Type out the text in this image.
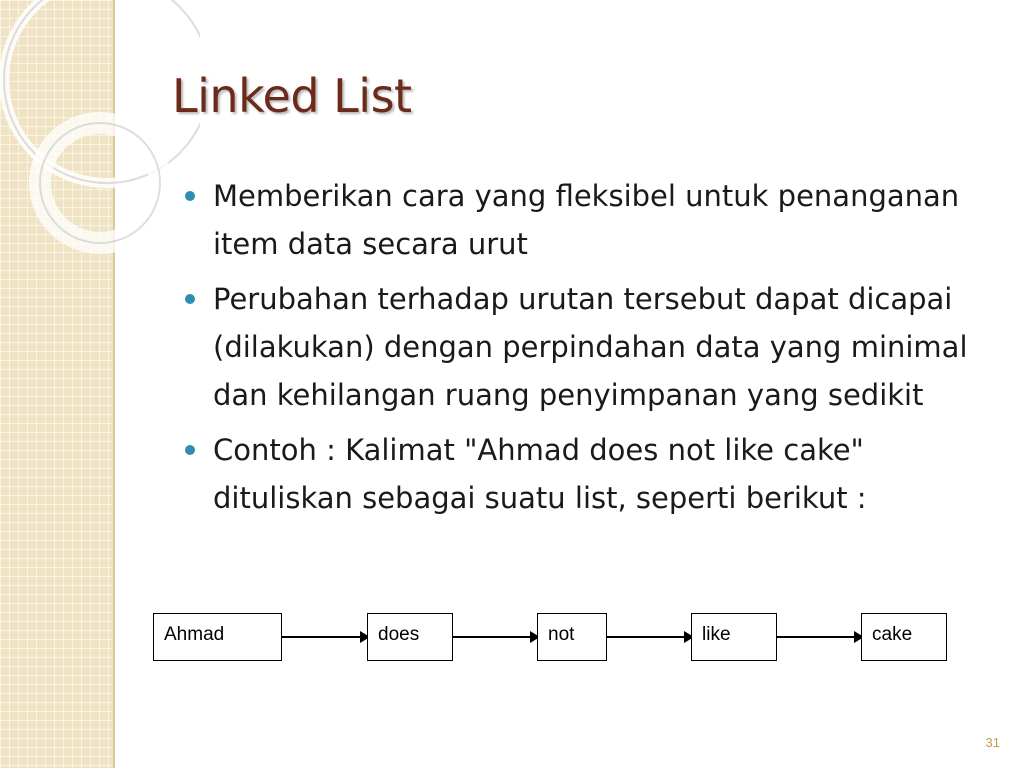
Linked List
Memberikan cara yang fleksibel untuk penanganan item data secara urut
Perubahan terhadap urutan tersebut dapat dicapai (dilakukan) dengan perpindahan data yang minimal dan kehilangan ruang penyimpanan yang sedikit
Contoh : Kalimat "Ahmad does not like cake" dituliskan sebagai suatu list, seperti berikut :
Ahmad	does	not	like	cake
31
